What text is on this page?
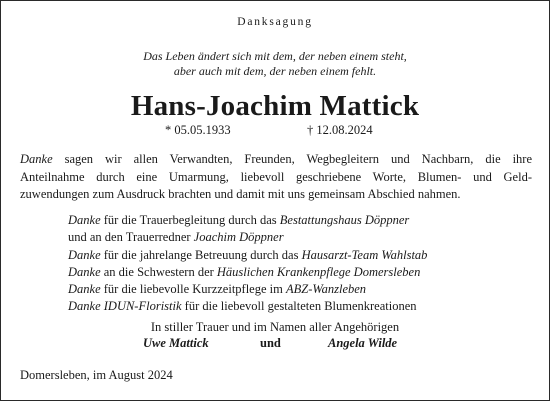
Danksagung
Das Leben ändert sich mit dem, der neben einem steht,
aber auch mit dem, der neben einem fehlt.
Hans-Joachim Mattick
* 05.05.1933	† 12.08.2024
Danke sagen wir allen Verwandten, Freunden, Wegbegleitern und Nachbarn, die ihre
Anteilnahme durch eine Umarmung, liebevoll geschriebene Worte, Blumen- und Geld-
zuwendungen zum Ausdruck brachten und damit mit uns gemeinsam Abschied nahmen.
Danke für die Trauerbegleitung durch das Bestattungshaus Döppner
und an den Trauerredner Joachim Döppner
Danke für die jahrelange Betreuung durch das Hausarzt-Team Wahlstab
Danke an die Schwestern der Häuslichen Krankenpflege Domersleben
Danke für die liebevolle Kurzzeitpflege im ABZ-Wanzleben
Danke IDUN-Floristik für die liebevoll gestalteten Blumenkreationen
In stiller Trauer und im Namen aller Angehörigen
Uwe Mattick	und	Angela Wilde
Domersleben, im August 2024
